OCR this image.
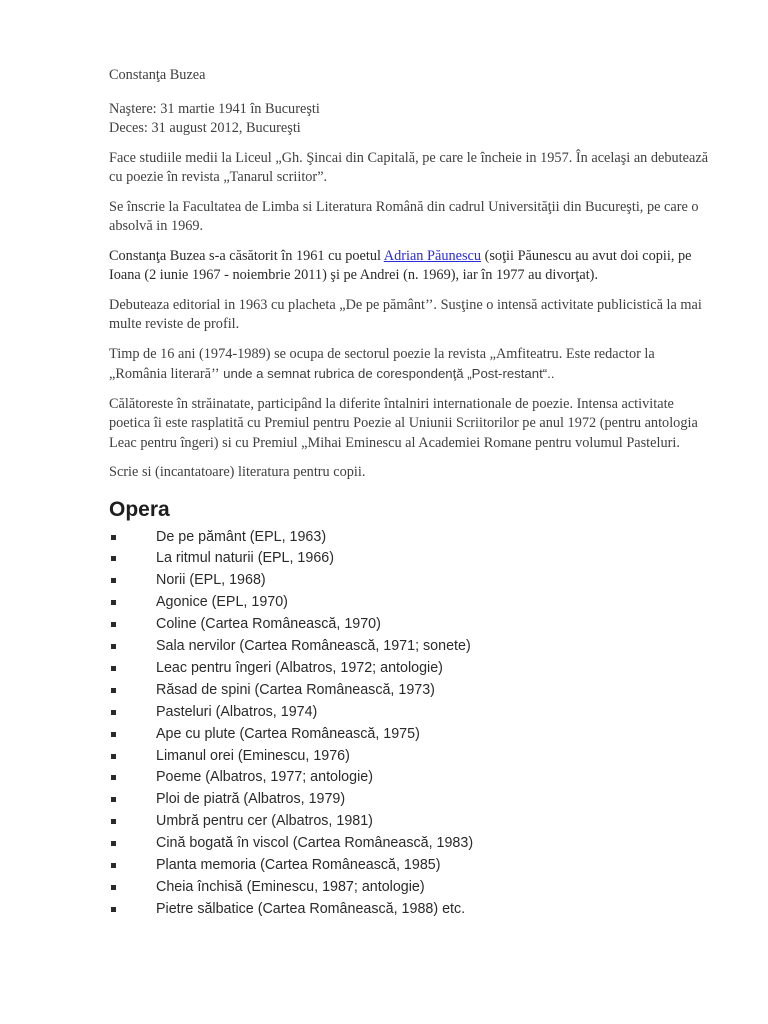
Constanţa Buzea

Naştere: 31 martie 1941 în Bucureşti
Deces: 31 august 2012, Bucureşti

Face studiile medii la Liceul „Gh. Şincai din Capitală, pe care le încheie in 1957. În acelaşi an debutează cu poezie în revista „Tanarul scriitor”.

Se înscrie la Facultatea de Limba si Literatura Română din cadrul Universităţii din Bucureşti, pe care o absolvă in 1969.

Constanţa Buzea s-a căsătorit în 1961 cu poetul Adrian Păunescu (soţii Păunescu au avut doi copii, pe Ioana (2 iunie 1967 - noiembrie 2011) şi pe Andrei (n. 1969), iar în 1977 au divorţat).

Debuteaza editorial in 1963 cu placheta „De pe pământ’’. Susţine o intensă activitate publicistică la mai multe reviste de profil.

Timp de 16 ani (1974-1989) se ocupa de sectorul poezie la revista „Amfiteatru. Este redactor la „România literară’’ unde a semnat rubrica de corespondenţă „Post-restant“..

Călătoreste în străinatate, participând la diferite întalniri internationale de poezie. Intensa activitate poetica îi este rasplatită cu Premiul pentru Poezie al Uniunii Scriitorilor pe anul 1972 (pentru antologia Leac pentru îngeri) si cu Premiul „Mihai Eminescu al Academiei Romane pentru volumul Pasteluri.

Scrie si (incantatoare) literatura pentru copii.

Opera
De pe pământ (EPL, 1963)
La ritmul naturii (EPL, 1966)
Norii (EPL, 1968)
Agonice (EPL, 1970)
Coline (Cartea Românească, 1970)
Sala nervilor (Cartea Românească, 1971; sonete)
Leac pentru îngeri (Albatros, 1972; antologie)
Răsad de spini (Cartea Românească, 1973)
Pasteluri (Albatros, 1974)
Ape cu plute (Cartea Românească, 1975)
Limanul orei (Eminescu, 1976)
Poeme (Albatros, 1977; antologie)
Ploi de piatră (Albatros, 1979)
Umbră pentru cer (Albatros, 1981)
Cină bogată în viscol (Cartea Românească, 1983)
Planta memoria (Cartea Românească, 1985)
Cheia închisă (Eminescu, 1987; antologie)
Pietre sălbatice (Cartea Românească, 1988) etc.
